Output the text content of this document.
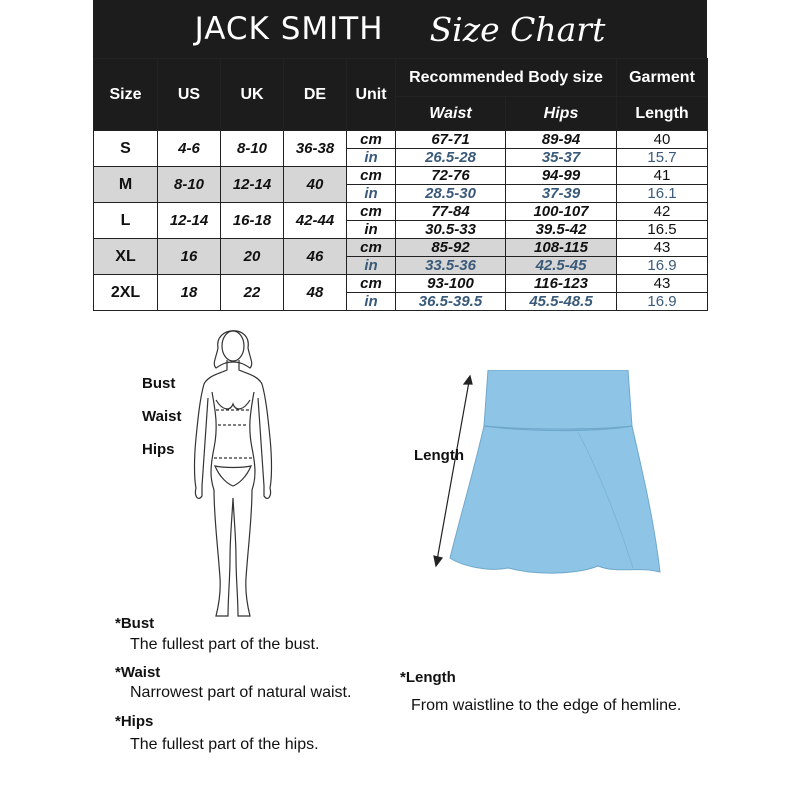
JACK SMITH Size Chart
Size	US	UK	DE	Unit	Recommended Body size		Garment
					Waist	Hips	Length
S	4-6	8-10	36-38	cm	67-71	89-94	40
				in	26.5-28	35-37	15.7
M	8-10	12-14	40	cm	72-76	94-99	41
				in	28.5-30	37-39	16.1
L	12-14	16-18	42-44	cm	77-84	100-107	42
				in	30.5-33	39.5-42	16.5
XL	16	20	46	cm	85-92	108-115	43
				in	33.5-36	42.5-45	16.9
2XL	18	22	48	cm	93-100	116-123	43
				in	36.5-39.5	45.5-48.5	16.9
Bust
Waist
Hips	Length
*Bust
The fullest part of the bust.
*Waist
Narrowest part of natural waist.
*Hips
The fullest part of the hips.
*Length
From waistline to the edge of hemline.
